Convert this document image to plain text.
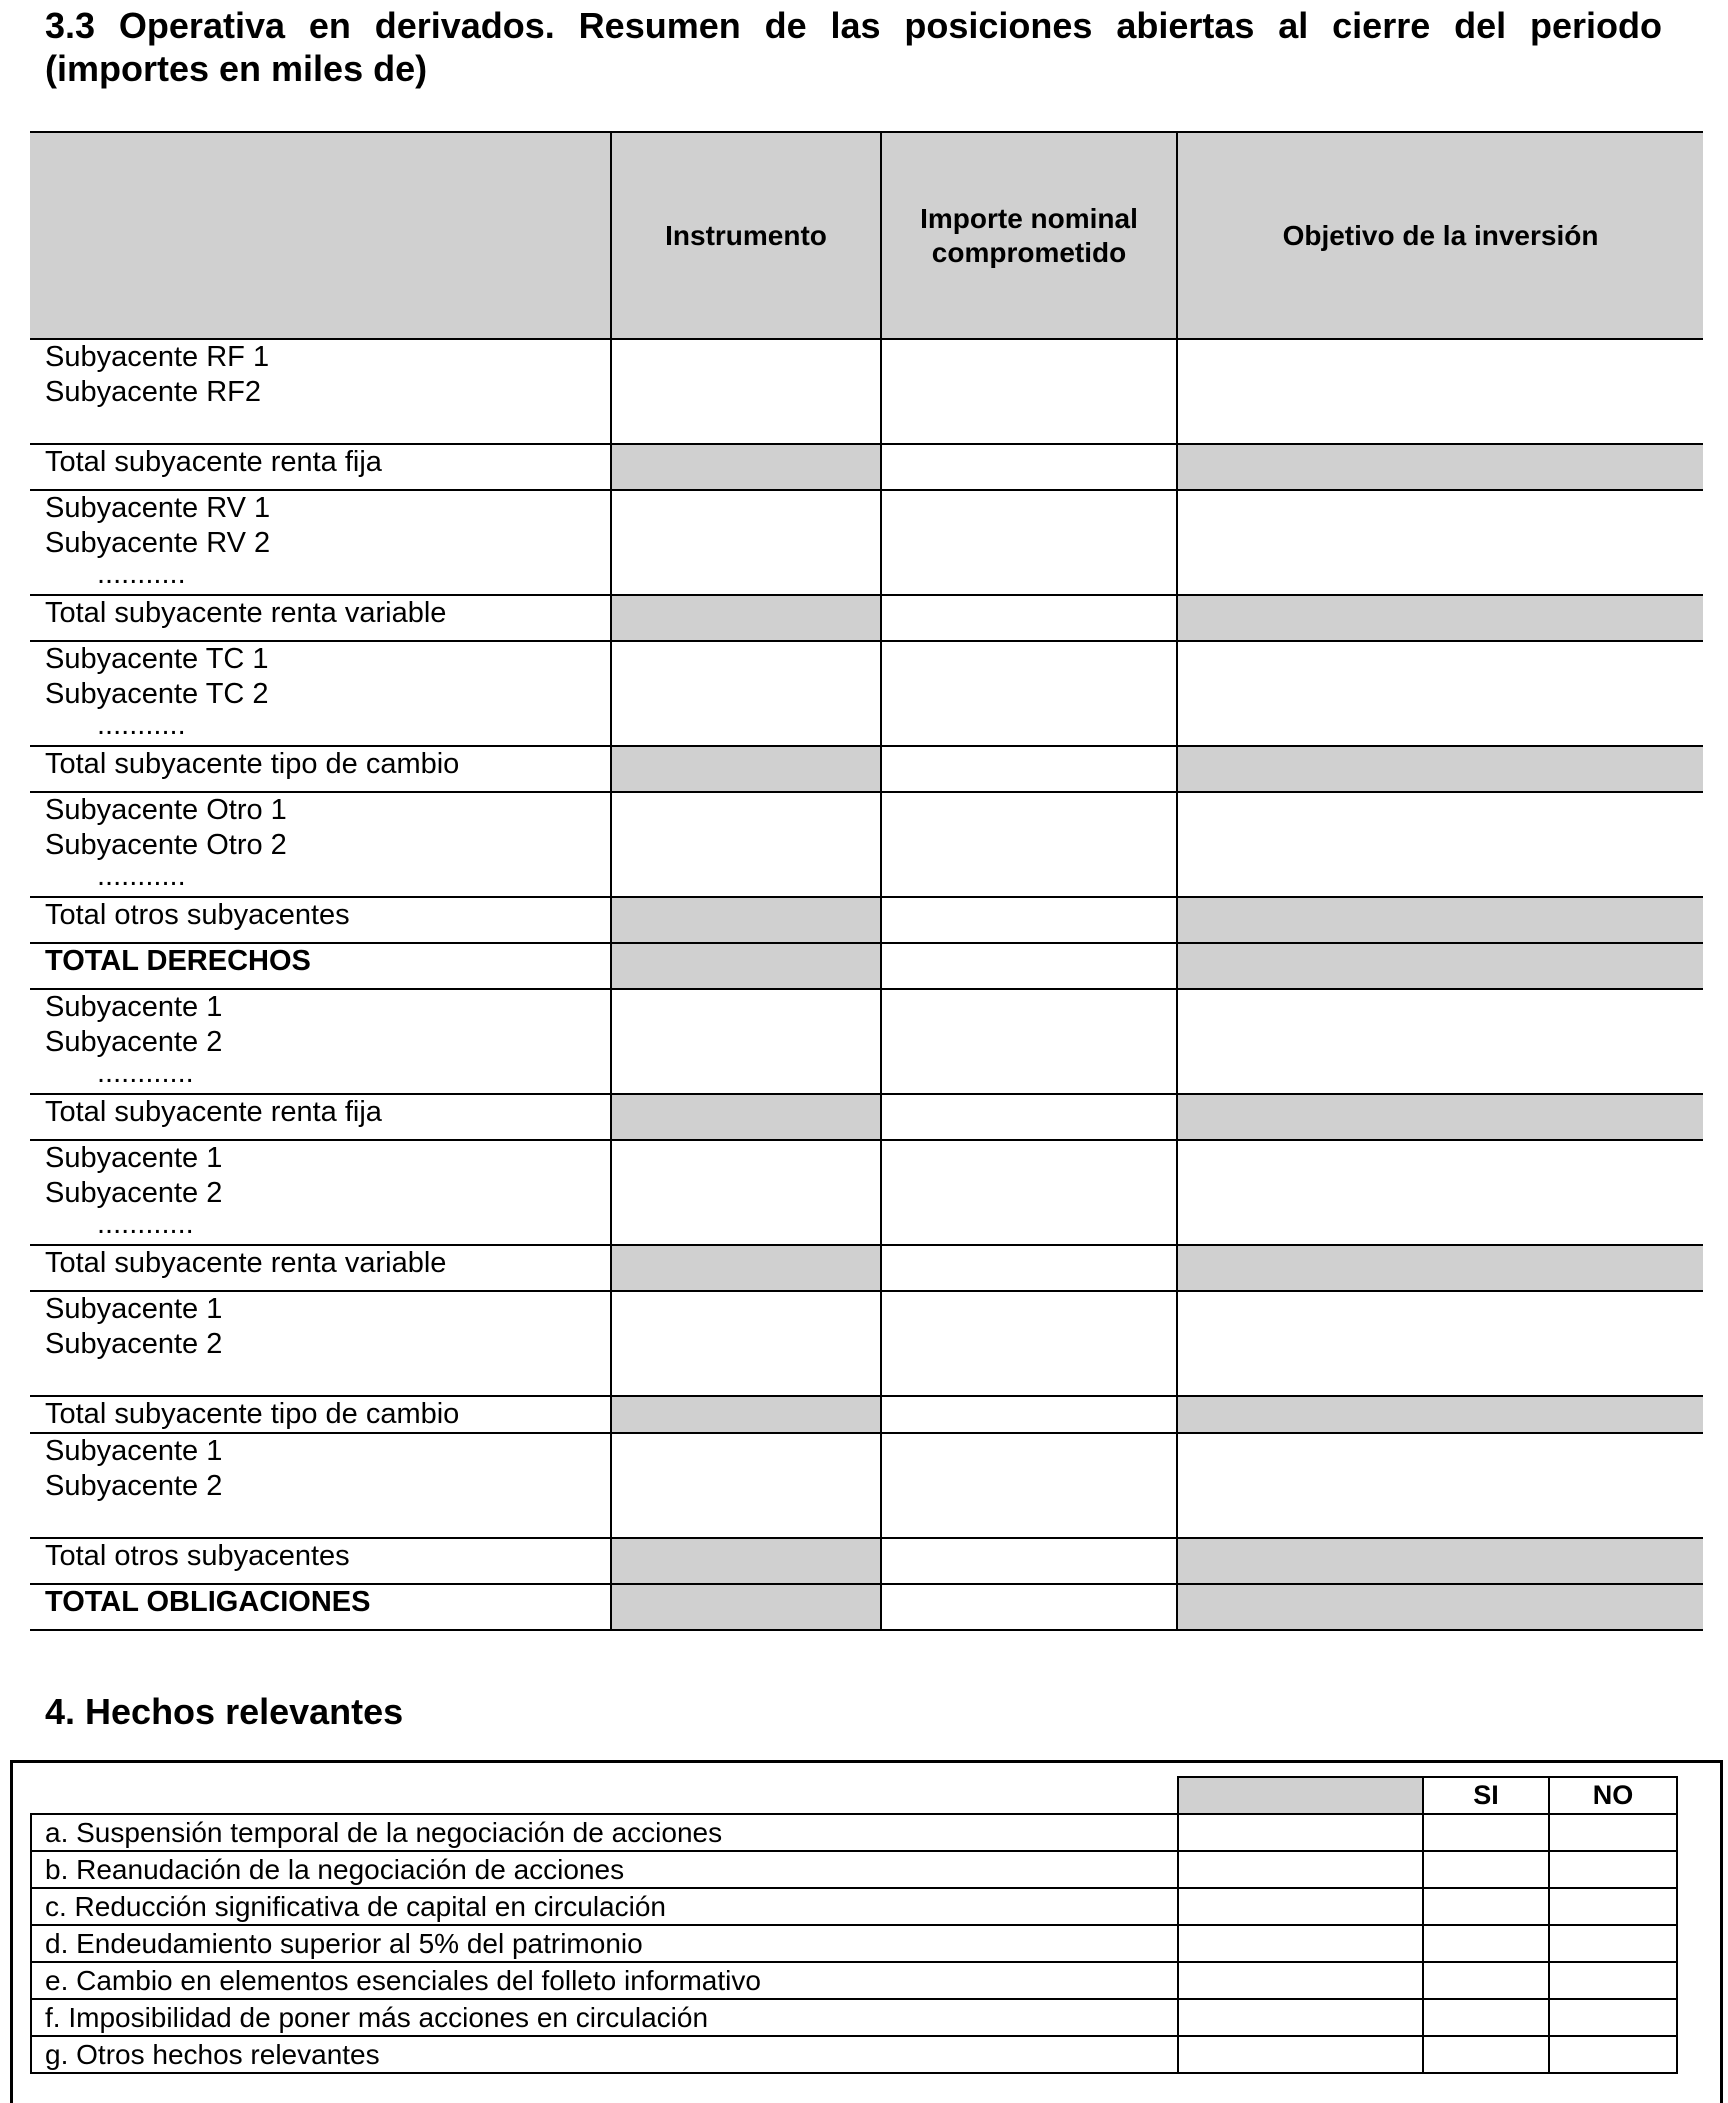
3.3 Operativa en derivados. Resumen de las posiciones abiertas al cierre del periodo (importes en miles de)
	Instrumento	Importe nominal comprometido	Objetivo de la inversión

Subyacente RF 1
Subyacente RF2			

Total subyacente renta fija			

Subyacente RV 1
Subyacente RV 2
...........			

Total subyacente renta variable			

Subyacente TC 1
Subyacente TC 2
...........			

Total subyacente tipo de cambio			

Subyacente Otro 1
Subyacente Otro 2
...........			

Total otros subyacentes			

TOTAL DERECHOS			

Subyacente 1
Subyacente 2
............			

Total subyacente renta fija			

Subyacente 1
Subyacente 2
............			

Total subyacente renta variable			

Subyacente 1
Subyacente 2			

Total subyacente tipo de cambio			

Subyacente 1
Subyacente 2			

Total otros subyacentes			

TOTAL OBLIGACIONES			

4. Hechos relevantes
		SI	NO
a. Suspensión temporal de la negociación de acciones			
b. Reanudación de la negociación de acciones			
c. Reducción significativa de capital en circulación			
d. Endeudamiento superior al 5% del patrimonio			
e. Cambio en elementos esenciales del folleto informativo			
f. Imposibilidad de poner más acciones en circulación			
g. Otros hechos relevantes			
